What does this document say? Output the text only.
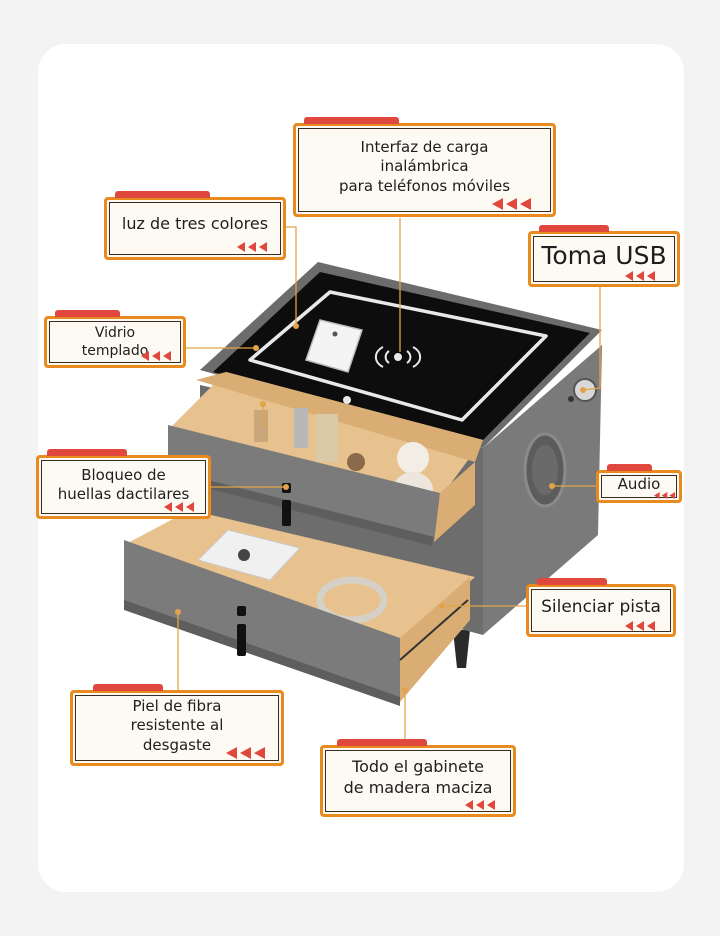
Interfaz de carga
inalámbrica
para teléfonos móviles
luz de tres colores
Toma USB
Vidrio
templado
Bloqueo de
huellas dactilares
Audio
Silenciar pista
Piel de fibra
resistente al
desgaste
Todo el gabinete
de madera maciza
